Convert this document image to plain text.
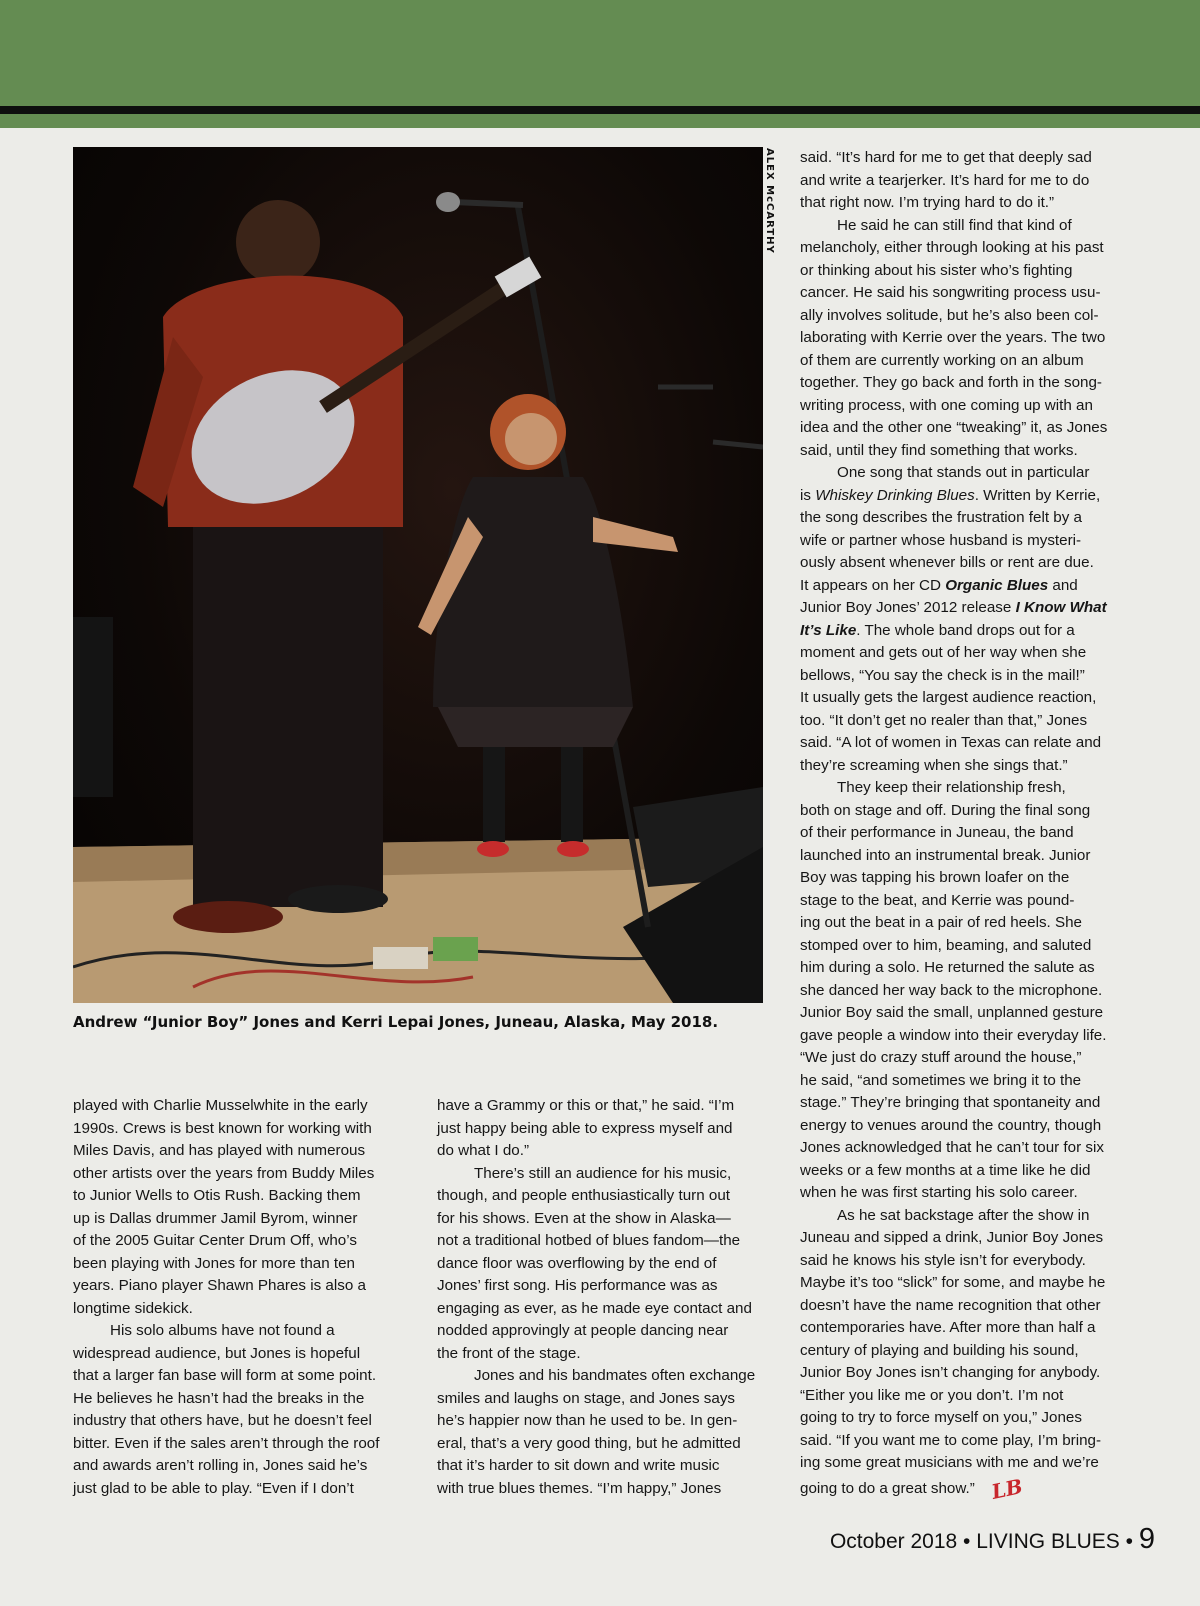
ALEX McCARTHY
Andrew “Junior Boy” Jones and Kerri Lepai Jones, Juneau, Alaska, May 2018.

played with Charlie Musselwhite in the early
1990s. Crews is best known for working with
Miles Davis, and has played with numerous
other artists over the years from Buddy Miles
to Junior Wells to Otis Rush. Backing them
up is Dallas drummer Jamil Byrom, winner
of the 2005 Guitar Center Drum Off, who’s
been playing with Jones for more than ten
years. Piano player Shawn Phares is also a
longtime sidekick.

His solo albums have not found a
widespread audience, but Jones is hopeful
that a larger fan base will form at some point.
He believes he hasn’t had the breaks in the
industry that others have, but he doesn’t feel
bitter. Even if the sales aren’t through the roof
and awards aren’t rolling in, Jones said he’s
just glad to be able to play. “Even if I don’t

have a Grammy or this or that,” he said. “I’m
just happy being able to express myself and
do what I do.”

There’s still an audience for his music,
though, and people enthusiastically turn out
for his shows. Even at the show in Alaska—
not a traditional hotbed of blues fandom—the
dance floor was overflowing by the end of
Jones’ first song. His performance was as
engaging as ever, as he made eye contact and
nodded approvingly at people dancing near
the front of the stage.

Jones and his bandmates often exchange
smiles and laughs on stage, and Jones says
he’s happier now than he used to be. In gen-
eral, that’s a very good thing, but he admitted
that it’s harder to sit down and write music
with true blues themes. “I’m happy,” Jones

said. “It’s hard for me to get that deeply sad
and write a tearjerker. It’s hard for me to do
that right now. I’m trying hard to do it.”

He said he can still find that kind of
melancholy, either through looking at his past
or thinking about his sister who’s fighting
cancer. He said his songwriting process usu-
ally involves solitude, but he’s also been col-
laborating with Kerrie over the years. The two
of them are currently working on an album
together. They go back and forth in the song-
writing process, with one coming up with an
idea and the other one “tweaking” it, as Jones
said, until they find something that works.

One song that stands out in particular
is Whiskey Drinking Blues. Written by Kerrie,
the song describes the frustration felt by a
wife or partner whose husband is mysteri-
ously absent whenever bills or rent are due.
It appears on her CD Organic Blues and
Junior Boy Jones’ 2012 release I Know What
It’s Like. The whole band drops out for a
moment and gets out of her way when she
bellows, “You say the check is in the mail!”
It usually gets the largest audience reaction,
too. “It don’t get no realer than that,” Jones
said. “A lot of women in Texas can relate and
they’re screaming when she sings that.”

They keep their relationship fresh,
both on stage and off. During the final song
of their performance in Juneau, the band
launched into an instrumental break. Junior
Boy was tapping his brown loafer on the
stage to the beat, and Kerrie was pound-
ing out the beat in a pair of red heels. She
stomped over to him, beaming, and saluted
him during a solo. He returned the salute as
she danced her way back to the microphone.
Junior Boy said the small, unplanned gesture
gave people a window into their everyday life.
“We just do crazy stuff around the house,”
he said, “and sometimes we bring it to the
stage.” They’re bringing that spontaneity and
energy to venues around the country, though
Jones acknowledged that he can’t tour for six
weeks or a few months at a time like he did
when he was first starting his solo career.

As he sat backstage after the show in
Juneau and sipped a drink, Junior Boy Jones
said he knows his style isn’t for everybody.
Maybe it’s too “slick” for some, and maybe he
doesn’t have the name recognition that other
contemporaries have. After more than half a
century of playing and building his sound,
Junior Boy Jones isn’t changing for anybody.
“Either you like me or you don’t. I’m not
going to try to force myself on you,” Jones
said. “If you want me to come play, I’m bring-
ing some great musicians with me and we’re

going to do a great show.” LB

October 2018 • LIVING BLUES • 9
